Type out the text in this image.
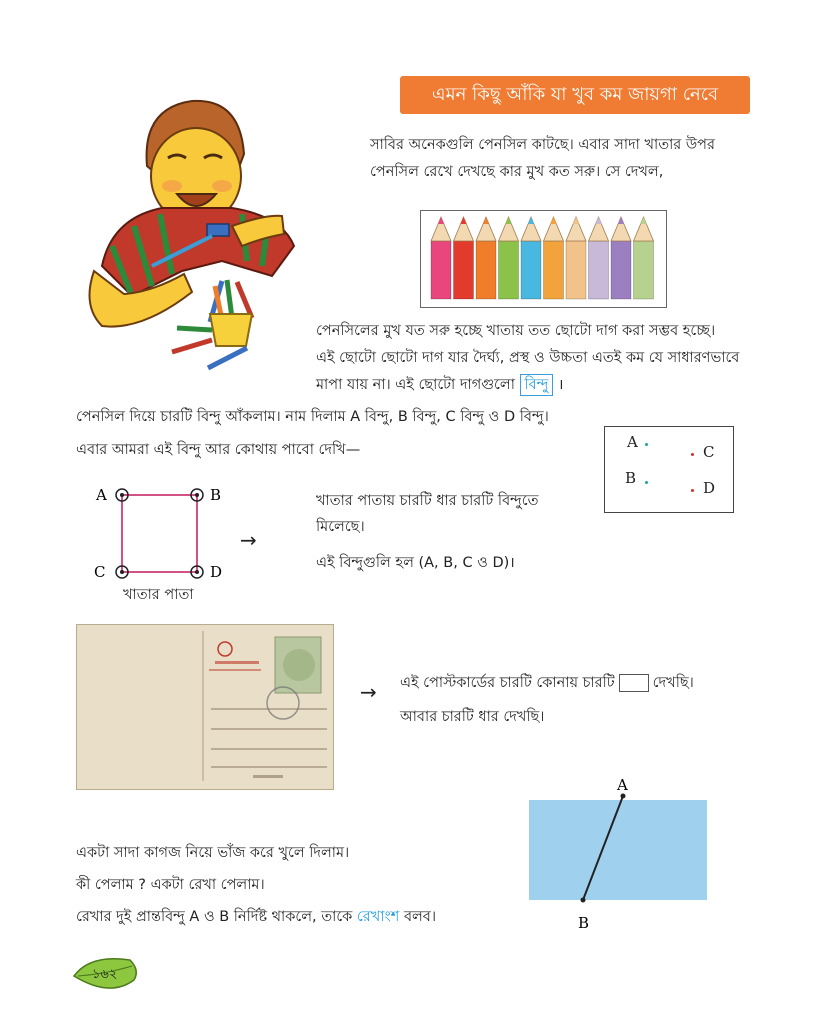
এমন কিছু আঁকি যা খুব কম জায়গা নেবে
সাবির অনেকগুলি পেনসিল কাটছে। এবার সাদা খাতার উপর
পেনসিল রেখে দেখছে কার মুখ কত সরু। সে দেখল,
পেনসিলের মুখ যত সরু হচ্ছে খাতায় তত ছোটো দাগ করা সম্ভব হচ্ছে।
এই ছোটো ছোটো দাগ যার দৈর্ঘ্য, প্রস্থ ও উচ্চতা এতই কম যে সাধারণভাবে
মাপা যায় না। এই ছোটো দাগগুলো বিন্দু ।
পেনসিল দিয়ে চারটি বিন্দু আঁকলাম। নাম দিলাম A বিন্দু, B বিন্দু, C বিন্দু ও D বিন্দু।
এবার আমরা এই বিন্দু আর কোথায় পাবো দেখি—	A
C
B
D
A	B
C	D
খাতার পাতা
→
খাতার পাতায় চারটি ধার চারটি বিন্দুতে
মিলেছে।
এই বিন্দুগুলি হল (A, B, C ও D)।
→ এই পোস্টকার্ডের চারটি কোনায় চারটি	দেখছি।
আবার চারটি ধার দেখছি।
A
B
একটা সাদা কাগজ নিয়ে ভাঁজ করে খুলে দিলাম।
কী পেলাম ? একটা রেখা পেলাম।
রেখার দুই প্রান্তবিন্দু A ও B নির্দিষ্ট থাকলে, তাকে রেখাংশ বলব।
১৬২
